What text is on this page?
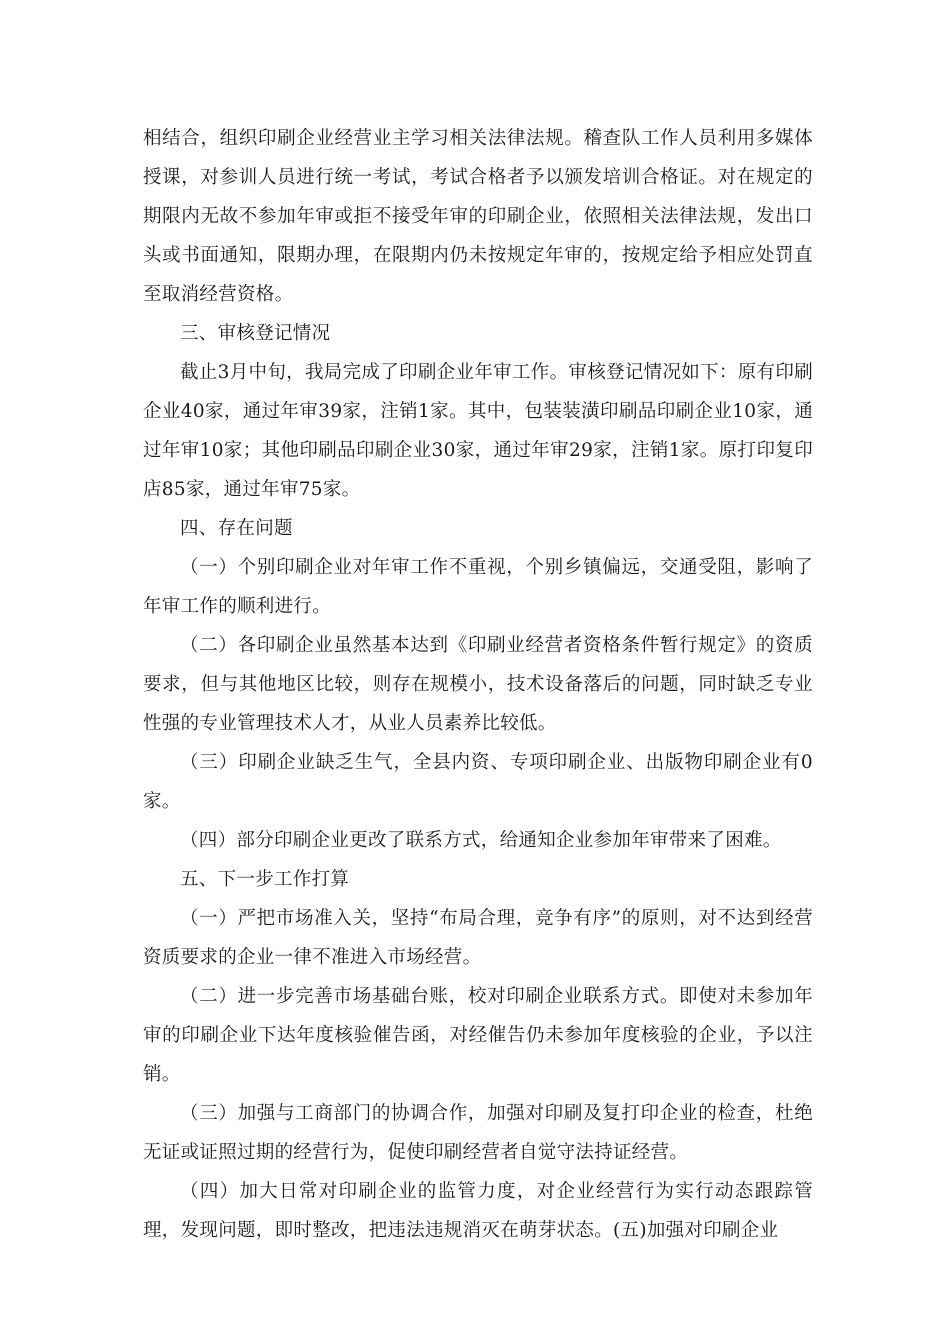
相结合，组织印刷企业经营业主学习相关法律法规。稽查队工作人员利用多媒体授课，对参训人员进行统一考试，考试合格者予以颁发培训合格证。对在规定的期限内无故不参加年审或拒不接受年审的印刷企业，依照相关法律法规，发出口头或书面通知，限期办理，在限期内仍未按规定年审的，按规定给予相应处罚直至取消经营资格。

三、审核登记情况

截止3月中旬，我局完成了印刷企业年审工作。审核登记情况如下：原有印刷企业40家，通过年审39家，注销1家。其中，包装装潢印刷品印刷企业10家，通过年审10家；其他印刷品印刷企业30家，通过年审29家，注销1家。原打印复印店85家，通过年审75家。

四、存在问题

（一）个别印刷企业对年审工作不重视，个别乡镇偏远，交通受阻，影响了年审工作的顺利进行。

（二）各印刷企业虽然基本达到《印刷业经营者资格条件暂行规定》的资质要求，但与其他地区比较，则存在规模小，技术设备落后的问题，同时缺乏专业性强的专业管理技术人才，从业人员素养比较低。

（三）印刷企业缺乏生气，全县内资、专项印刷企业、出版物印刷企业有0家。

（四）部分印刷企业更改了联系方式，给通知企业参加年审带来了困难。

五、下一步工作打算

（一）严把市场准入关，坚持“布局合理，竞争有序”的原则，对不达到经营资质要求的企业一律不准进入市场经营。

（二）进一步完善市场基础台账，校对印刷企业联系方式。即使对未参加年审的印刷企业下达年度核验催告函，对经催告仍未参加年度核验的企业，予以注销。

（三）加强与工商部门的协调合作，加强对印刷及复打印企业的检查，杜绝无证或证照过期的经营行为，促使印刷经营者自觉守法持证经营。

（四）加大日常对印刷企业的监管力度，对企业经营行为实行动态跟踪管理，发现问题，即时整改，把违法违规消灭在萌芽状态。(五)加强对印刷企业
